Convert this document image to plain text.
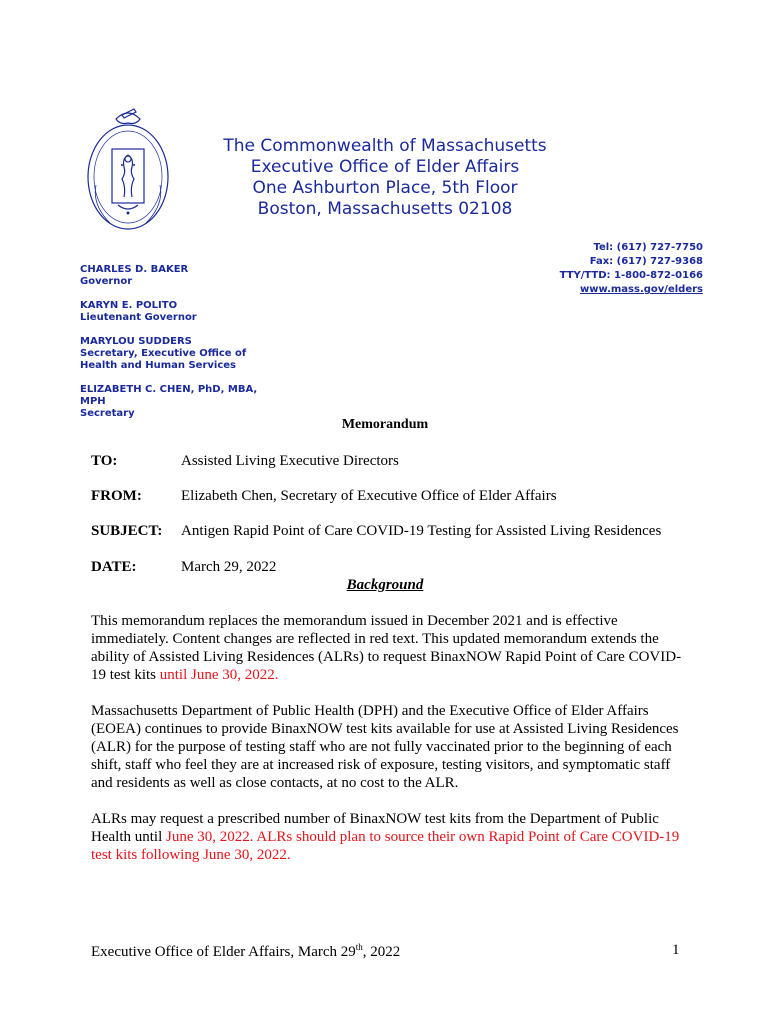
The Commonwealth of Massachusetts
Executive Office of Elder Affairs
One Ashburton Place, 5th Floor
Boston, Massachusetts 02108
Tel: (617) 727-7750
Fax: (617) 727-9368
TTY/TTD: 1-800-872-0166
www.mass.gov/elders
CHARLES D. BAKER
Governor
KARYN E. POLITO
Lieutenant Governor
MARYLOU SUDDERS
Secretary, Executive Office of Health and Human Services
ELIZABETH C. CHEN, PhD, MBA, MPH
Secretary
Memorandum
TO:	Assisted Living Executive Directors
FROM:	Elizabeth Chen, Secretary of Executive Office of Elder Affairs
SUBJECT: Antigen Rapid Point of Care COVID-19 Testing for Assisted Living Residences
DATE:	March 29, 2022
Background
This memorandum replaces the memorandum issued in December 2021 and is effective immediately. Content changes are reflected in red text. This updated memorandum extends the ability of Assisted Living Residences (ALRs) to request BinaxNOW Rapid Point of Care COVID-19 test kits until June 30, 2022.
Massachusetts Department of Public Health (DPH) and the Executive Office of Elder Affairs (EOEA) continues to provide BinaxNOW test kits available for use at Assisted Living Residences (ALR) for the purpose of testing staff who are not fully vaccinated prior to the beginning of each shift, staff who feel they are at increased risk of exposure, testing visitors, and symptomatic staff and residents as well as close contacts, at no cost to the ALR.
ALRs may request a prescribed number of BinaxNOW test kits from the Department of Public Health until June 30, 2022. ALRs should plan to source their own Rapid Point of Care COVID-19 test kits following June 30, 2022.
Executive Office of Elder Affairs, March 29th, 2022	1
